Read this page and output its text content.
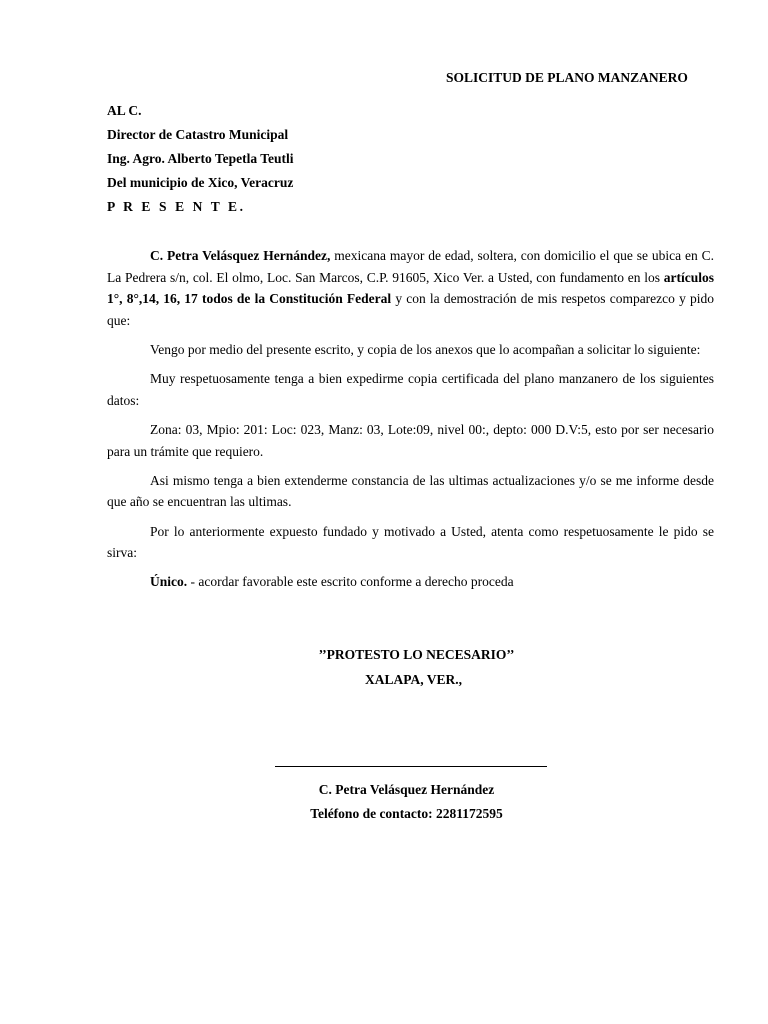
SOLICITUD DE PLANO MANZANERO
AL C.
Director de Catastro Municipal
Ing. Agro. Alberto Tepetla Teutli
Del municipio de Xico, Veracruz
P R E S E N T E.

C. Petra Velásquez Hernández, mexicana mayor de edad, soltera, con domicilio el que se ubica en C. La Pedrera s/n, col. El olmo, Loc. San Marcos, C.P. 91605, Xico Ver. a Usted, con fundamento en los artículos 1°, 8°,14, 16, 17 todos de la Constitución Federal y con la demostración de mis respetos comparezco y pido que:

Vengo por medio del presente escrito, y copia de los anexos que lo acompañan a solicitar lo siguiente:

Muy respetuosamente tenga a bien expedirme copia certificada del plano manzanero de los siguientes datos:

Zona: 03, Mpio: 201: Loc: 023, Manz: 03, Lote:09, nivel 00:, depto: 000 D.V:5, esto por ser necesario para un trámite que requiero.

Asi mismo tenga a bien extenderme constancia de las ultimas actualizaciones y/o se me informe desde que año se encuentran las ultimas.

Por lo anteriormente expuesto fundado y motivado a Usted, atenta como respetuosamente le pido se sirva:

Único. - acordar favorable este escrito conforme a derecho proceda

’’PROTESTO LO NECESARIO’’
XALAPA, VER.,
C. Petra Velásquez Hernández
Teléfono de contacto: 2281172595
